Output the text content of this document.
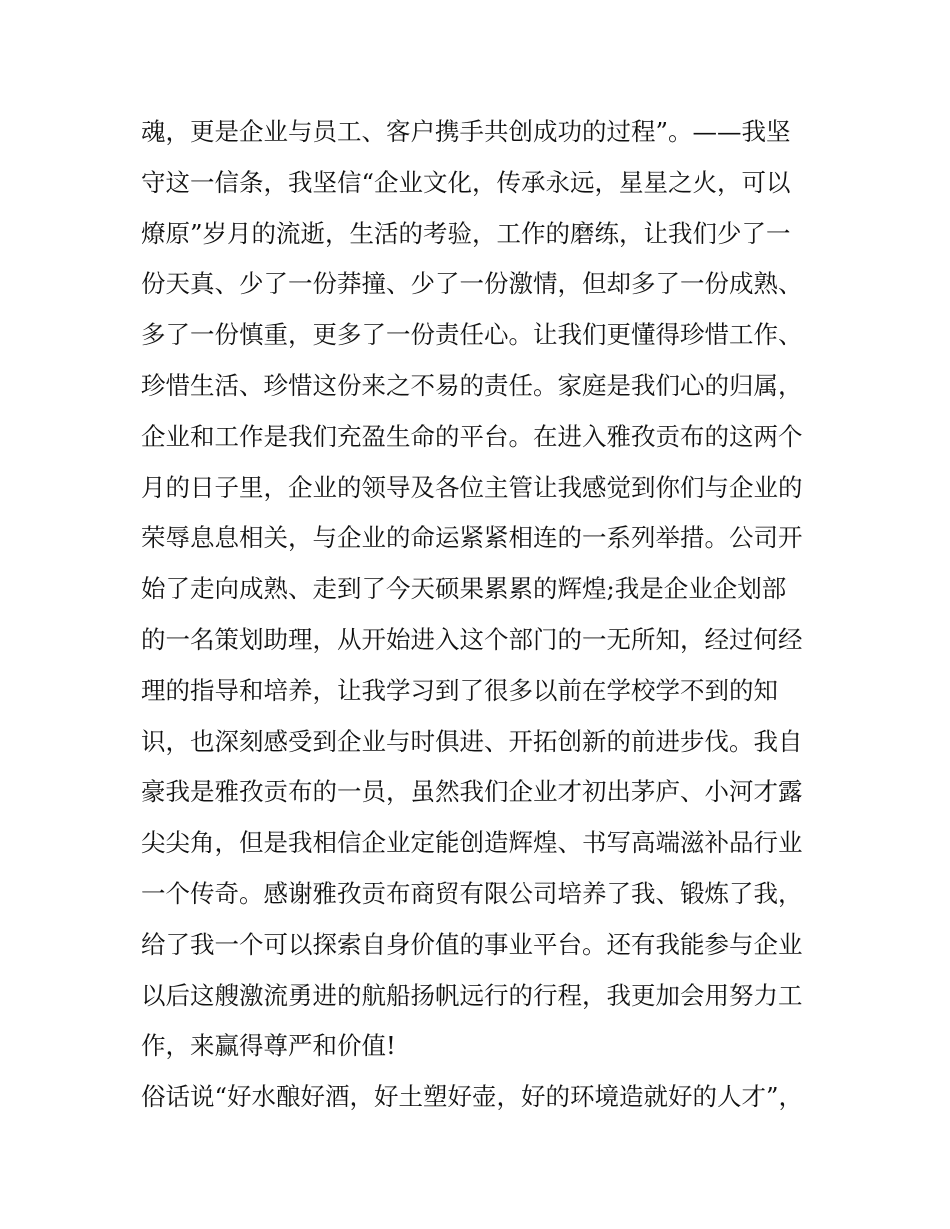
魂，更是企业与员工、客户携手共创成功的过程”。——我坚
守这一信条，我坚信“企业文化，传承永远，星星之火，可以
燎原”岁月的流逝，生活的考验，工作的磨练，让我们少了一
份天真、少了一份莽撞、少了一份激情，但却多了一份成熟、
多了一份慎重，更多了一份责任心。让我们更懂得珍惜工作、
珍惜生活、珍惜这份来之不易的责任。家庭是我们心的归属，
企业和工作是我们充盈生命的平台。在进入雅孜贡布的这两个
月的日子里，企业的领导及各位主管让我感觉到你们与企业的
荣辱息息相关，与企业的命运紧紧相连的一系列举措。公司开
始了走向成熟、走到了今天硕果累累的辉煌;我是企业企划部
的一名策划助理，从开始进入这个部门的一无所知，经过何经
理的指导和培养，让我学习到了很多以前在学校学不到的知
识，也深刻感受到企业与时俱进、开拓创新的前进步伐。我自
豪我是雅孜贡布的一员，虽然我们企业才初出茅庐、小河才露
尖尖角，但是我相信企业定能创造辉煌、书写高端滋补品行业
一个传奇。感谢雅孜贡布商贸有限公司培养了我、锻炼了我，
给了我一个可以探索自身价值的事业平台。还有我能参与企业
以后这艘激流勇进的航船扬帆远行的行程，我更加会用努力工
作，来赢得尊严和价值!
俗话说“好水酿好酒，好土塑好壶，好的环境造就好的人才”，
